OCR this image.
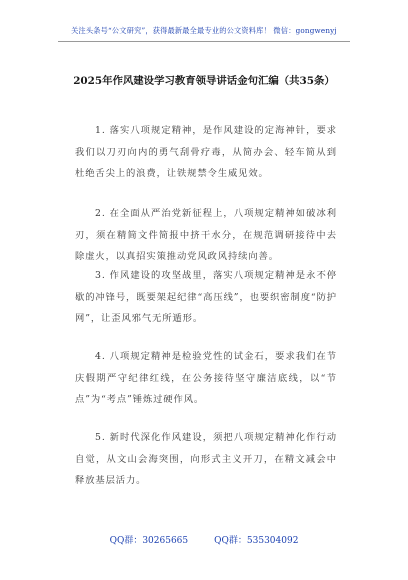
关注头条号“公文研究”，获得最新最全最专业的公文资料库！ 微信：gongwenyj
2025年作风建设学习教育领导讲话金句汇编（共35条）

1. 落实八项规定精神，是作风建设的定海神针，要求我们以刀刃向内的勇气刮骨疗毒，从简办会、轻车简从到杜绝舌尖上的浪费，让铁规禁令生威见效。

2. 在全面从严治党新征程上，八项规定精神如破冰利刃，须在精简文件简报中挤干水分，在规范调研接待中去除虚火，以真招实策推动党风政风持续向善。

3. 作风建设的攻坚战里，落实八项规定精神是永不停歇的冲锋号，既要架起纪律“高压线”，也要织密制度“防护网”，让歪风邪气无所遁形。

4. 八项规定精神是检验党性的试金石，要求我们在节庆假期严守纪律红线，在公务接待坚守廉洁底线，以“节点”为“考点”锤炼过硬作风。

5. 新时代深化作风建设，须把八项规定精神化作行动自觉，从文山会海突围，向形式主义开刀，在精文减会中释放基层活力。

QQ群：30265665	QQ群：535304092
